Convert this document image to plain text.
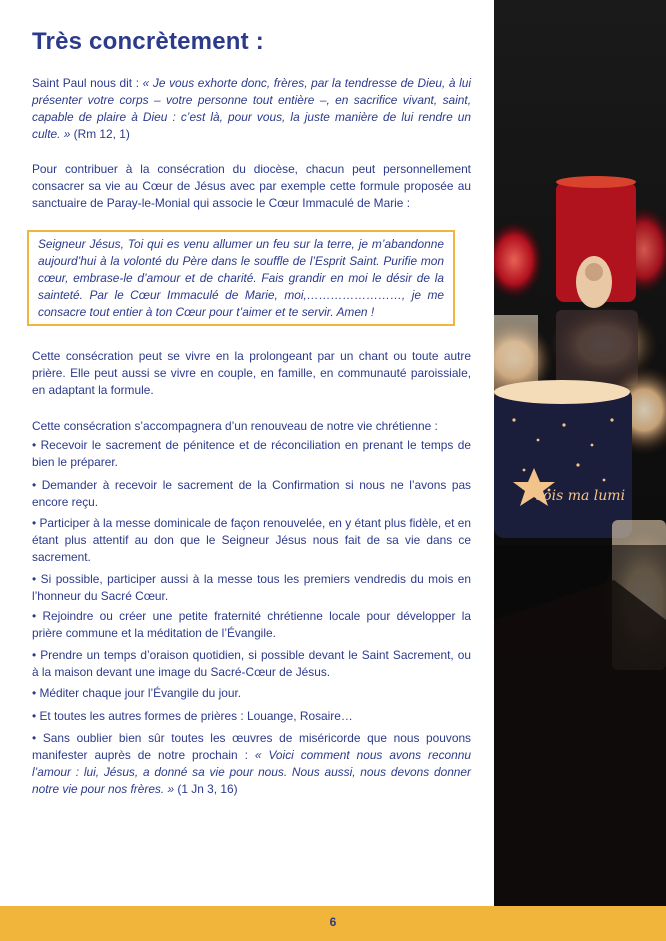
Très concrètement :

Saint Paul nous dit : « Je vous exhorte donc, frères, par la tendresse de Dieu, à lui présenter votre corps – votre personne tout entière –, en sacrifice vivant, saint, capable de plaire à Dieu : c’est là, pour vous, la juste manière de lui rendre un culte. » (Rm 12, 1)

Pour contribuer à la consécration du diocèse, chacun peut personnellement consacrer sa vie au Cœur de Jésus avec par exemple cette formule proposée au sanctuaire de Paray-le-Monial qui associe le Cœur Immaculé de Marie :

Seigneur Jésus, Toi qui es venu allumer un feu sur la terre, je m’abandonne aujourd’hui à la volonté du Père dans le souffle de l’Esprit Saint. Purifie mon cœur, embrase-le d’amour et de charité. Fais grandir en moi le désir de la sainteté. Par le Cœur Immaculé de Marie, moi,……………………, je me consacre tout entier à ton Cœur pour t’aimer et te servir. Amen !

Cette consécration peut se vivre en la prolongeant par un chant ou toute autre prière. Elle peut aussi se vivre en couple, en famille, en communauté paroissiale, en adaptant la formule.

Cette consécration s’accompagnera d’un renouveau de notre vie chrétienne :

• Recevoir le sacrement de pénitence et de réconciliation en prenant le temps de bien le préparer.

• Demander à recevoir le sacrement de la Confirmation si nous ne l’avons pas encore reçu.

• Participer à la messe dominicale de façon renouvelée, en y étant plus fidèle, et en étant plus attentif au don que le Seigneur Jésus nous fait de sa vie dans ce sacrement.

• Si possible, participer aussi à la messe tous les premiers vendredis du mois en l’honneur du Sacré Cœur.

• Rejoindre ou créer une petite fraternité chrétienne locale pour développer la prière commune et la méditation de l’Évangile.

• Prendre un temps d’oraison quotidien, si possible devant le Saint Sacrement, ou à la maison devant une image du Sacré-Cœur de Jésus.

• Méditer chaque jour l’Évangile du jour.

• Et toutes les autres formes de prières : Louange, Rosaire…

• Sans oublier bien sûr toutes les œuvres de miséricorde que nous pouvons manifester auprès de notre prochain : « Voici comment nous avons reconnu l’amour : lui, Jésus, a donné sa vie pour nous. Nous aussi, nous devons donner notre vie pour nos frères. » (1 Jn 3, 16)

sois ma lumi
6
